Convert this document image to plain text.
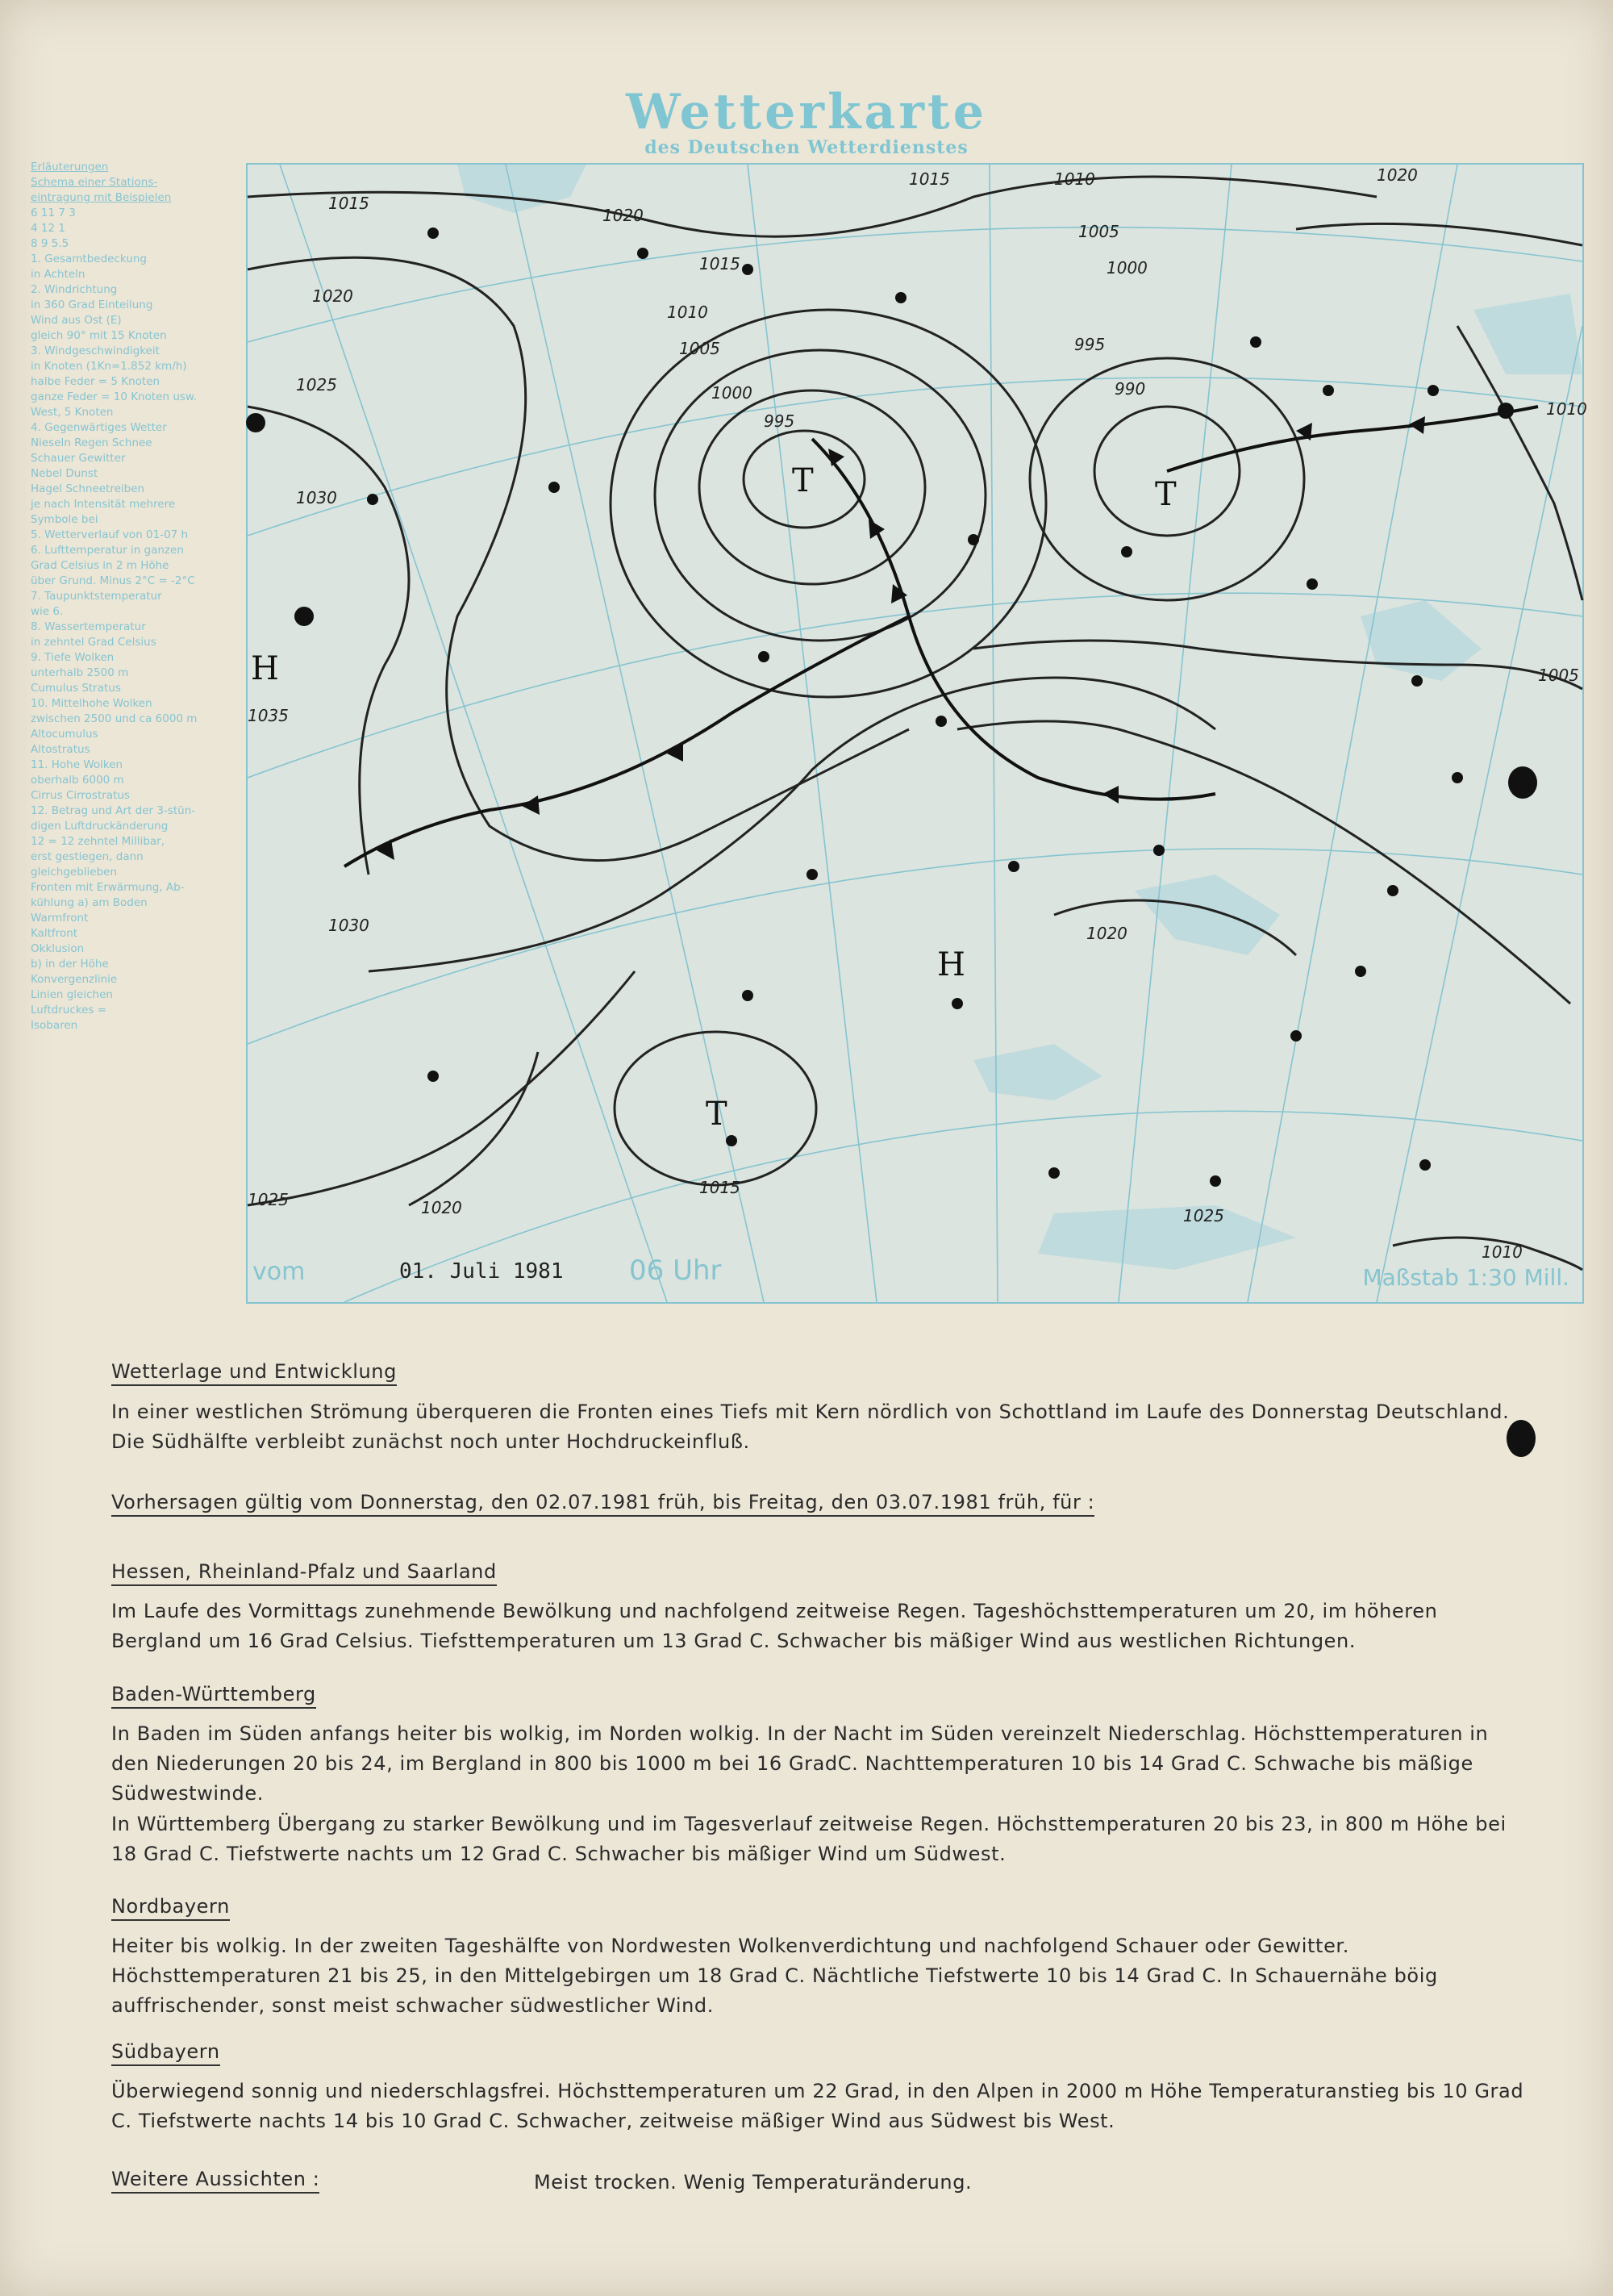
Wetterkarte
des Deutschen Wetterdienstes
Erläuterungen
Schema einer Stations-
eintragung mit Beispielen
6 11 7 3
4 12 1
8 9 5.5
1. Gesamtbedeckung
in Achteln
2. Windrichtung
in 360 Grad Einteilung
Wind aus Ost (E)
gleich 90° mit 15 Knoten
3. Windgeschwindigkeit
in Knoten (1Kn=1.852 km/h)
halbe Feder = 5 Knoten
ganze Feder = 10 Knoten usw.
West, 5 Knoten
4. Gegenwärtiges Wetter
Nieseln Regen Schnee
Schauer Gewitter
Nebel Dunst
Hagel Schneetreiben
je nach Intensität mehrere
Symbole bei
5. Wetterverlauf von 01-07 h
6. Lufttemperatur in ganzen
Grad Celsius in 2 m Höhe
über Grund. Minus 2°C = -2°C
7. Taupunktstemperatur
wie 6.
8. Wassertemperatur
in zehntel Grad Celsius
9. Tiefe Wolken
unterhalb 2500 m
Cumulus Stratus
10. Mittelhohe Wolken
zwischen 2500 und ca 6000 m
Altocumulus
Altostratus
11. Hohe Wolken
oberhalb 6000 m
Cirrus Cirrostratus
12. Betrag und Art der 3-stün-
digen Luftdruckänderung
12 = 12 zehntel Millibar,
erst gestiegen, dann
gleichgeblieben
Fronten mit Erwärmung, Ab-
kühlung a) am Boden
Warmfront
Kaltfront
Okklusion
b) in der Höhe
Konvergenzlinie
Linien gleichen
Luftdruckes =
Isobaren
1015
1020
1020
1025
1030
1035
1030
1025	1020
1015
1010
1005
1000
995
990
995
1000
1005
1010
1015
1020
1005
1010
1015
1020
1025
1010
T	T
T
H
H
vom	01. Juli 1981 06 Uhr	Maßstab 1:30 Mill.
Wetterlage und Entwicklung
In einer westlichen Strömung überqueren die Fronten eines Tiefs mit Kern nördlich von Schottland im Laufe des Donnerstag Deutschland. Die Südhälfte verbleibt zunächst noch unter Hochdruckeinfluß.
Vorhersagen gültig vom Donnerstag, den 02.07.1981 früh, bis Freitag, den 03.07.1981 früh, für :
Hessen, Rheinland-Pfalz und Saarland
Im Laufe des Vormittags zunehmende Bewölkung und nachfolgend zeitweise Regen. Tageshöchsttemperaturen um 20, im höheren Bergland um 16 Grad Celsius. Tiefsttemperaturen um 13 Grad C. Schwacher bis mäßiger Wind aus westlichen Richtungen.
Baden-Württemberg
In Baden im Süden anfangs heiter bis wolkig, im Norden wolkig. In der Nacht im Süden vereinzelt Niederschlag. Höchsttemperaturen in den Niederungen 20 bis 24, im Bergland in 800 bis 1000 m bei 16 GradC. Nachttemperaturen 10 bis 14 Grad C. Schwache bis mäßige Südwestwinde.
In Württemberg Übergang zu starker Bewölkung und im Tagesverlauf zeitweise Regen. Höchsttemperaturen 20 bis 23, in 800 m Höhe bei 18 Grad C. Tiefstwerte nachts um 12 Grad C. Schwacher bis mäßiger Wind um Südwest.
Nordbayern
Heiter bis wolkig. In der zweiten Tageshälfte von Nordwesten Wolkenverdichtung und nachfolgend Schauer oder Gewitter. Höchsttemperaturen 21 bis 25, in den Mittelgebirgen um 18 Grad C. Nächtliche Tiefstwerte 10 bis 14 Grad C. In Schauernähe böig auffrischender, sonst meist schwacher südwestlicher Wind.
Südbayern
Überwiegend sonnig und niederschlagsfrei. Höchsttemperaturen um 22 Grad, in den Alpen in 2000 m Höhe Temperaturanstieg bis 10 Grad C. Tiefstwerte nachts 14 bis 10 Grad C. Schwacher, zeitweise mäßiger Wind aus Südwest bis West.
Weitere Aussichten :	Meist trocken. Wenig Temperaturänderung.
